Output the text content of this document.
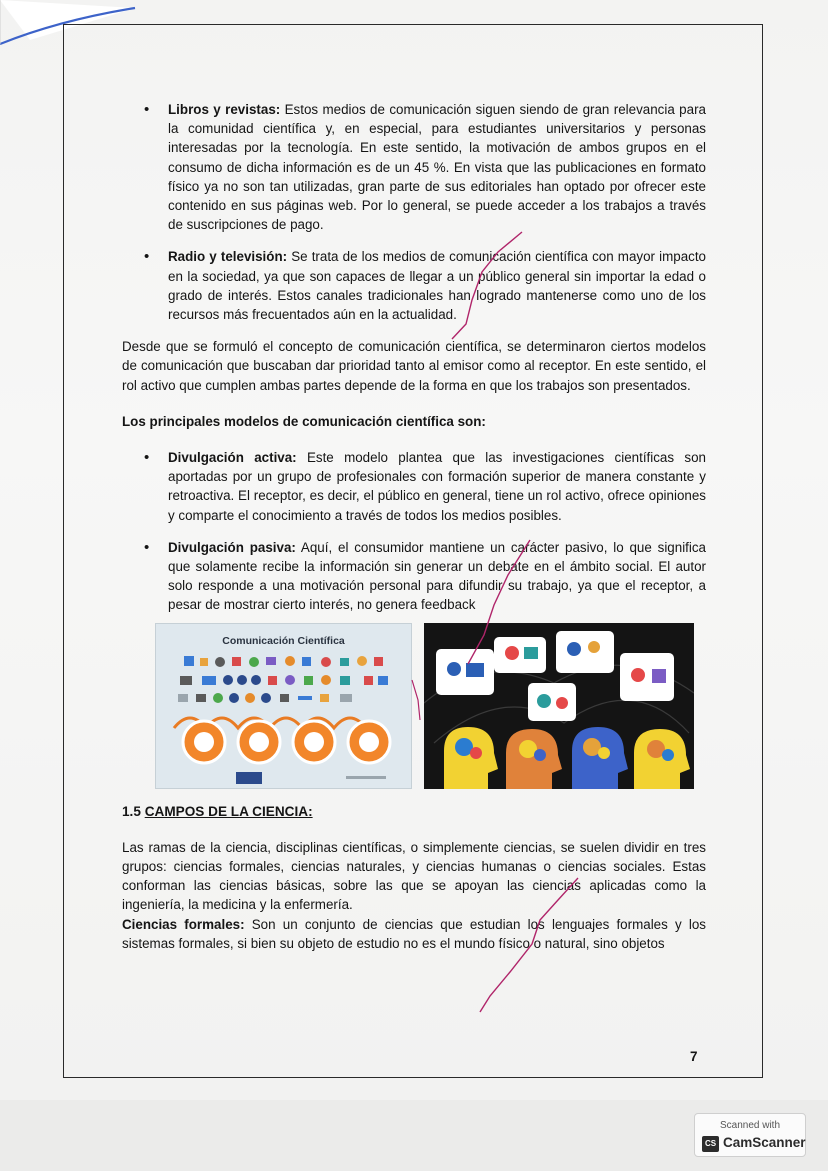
• Libros y revistas: Estos medios de comunicación siguen siendo de gran relevancia para la comunidad científica y, en especial, para estudiantes universitarios y personas interesadas por la tecnología. En este sentido, la motivación de ambos grupos en el consumo de dicha información es de un 45 %. En vista que las publicaciones en formato físico ya no son tan utilizadas, gran parte de sus editoriales han optado por ofrecer este contenido en sus páginas web. Por lo general, se puede acceder a los trabajos a través de suscripciones de pago.
• Radio y televisión: Se trata de los medios de comunicación científica con mayor impacto en la sociedad, ya que son capaces de llegar a un público general sin importar la edad o grado de interés. Estos canales tradicionales han logrado mantenerse como uno de los recursos más frecuentados aún en la actualidad.

Desde que se formuló el concepto de comunicación científica, se determinaron ciertos modelos de comunicación que buscaban dar prioridad tanto al emisor como al receptor. En este sentido, el rol activo que cumplen ambas partes depende de la forma en que los trabajos son presentados.

Los principales modelos de comunicación científica son:

• Divulgación activa: Este modelo plantea que las investigaciones científicas son aportadas por un grupo de profesionales con formación superior de manera constante y retroactiva. El receptor, es decir, el público en general, tiene un rol activo, ofrece opiniones y comparte el conocimiento a través de todos los medios posibles.
• Divulgación pasiva: Aquí, el consumidor mantiene un carácter pasivo, lo que significa que solamente recibe la información sin generar un debate en el ámbito social. El autor solo responde a una motivación personal para difundir su trabajo, ya que el receptor, a pesar de mostrar cierto interés, no genera feedback
Comunicación Científica
1.5 CAMPOS DE LA CIENCIA:

Las ramas de la ciencia, disciplinas científicas, o simplemente ciencias, se suelen dividir en tres grupos: ciencias formales, ciencias naturales, y ciencias humanas o ciencias sociales. Estas conforman las ciencias básicas, sobre las que se apoyan las ciencias aplicadas como la ingeniería, la medicina y la enfermería.

Ciencias formales: Son un conjunto de ciencias que estudian los lenguajes formales y los sistemas formales, si bien su objeto de estudio no es el mundo físico o natural, sino objetos

7
Scanned with
CS CamScanner
